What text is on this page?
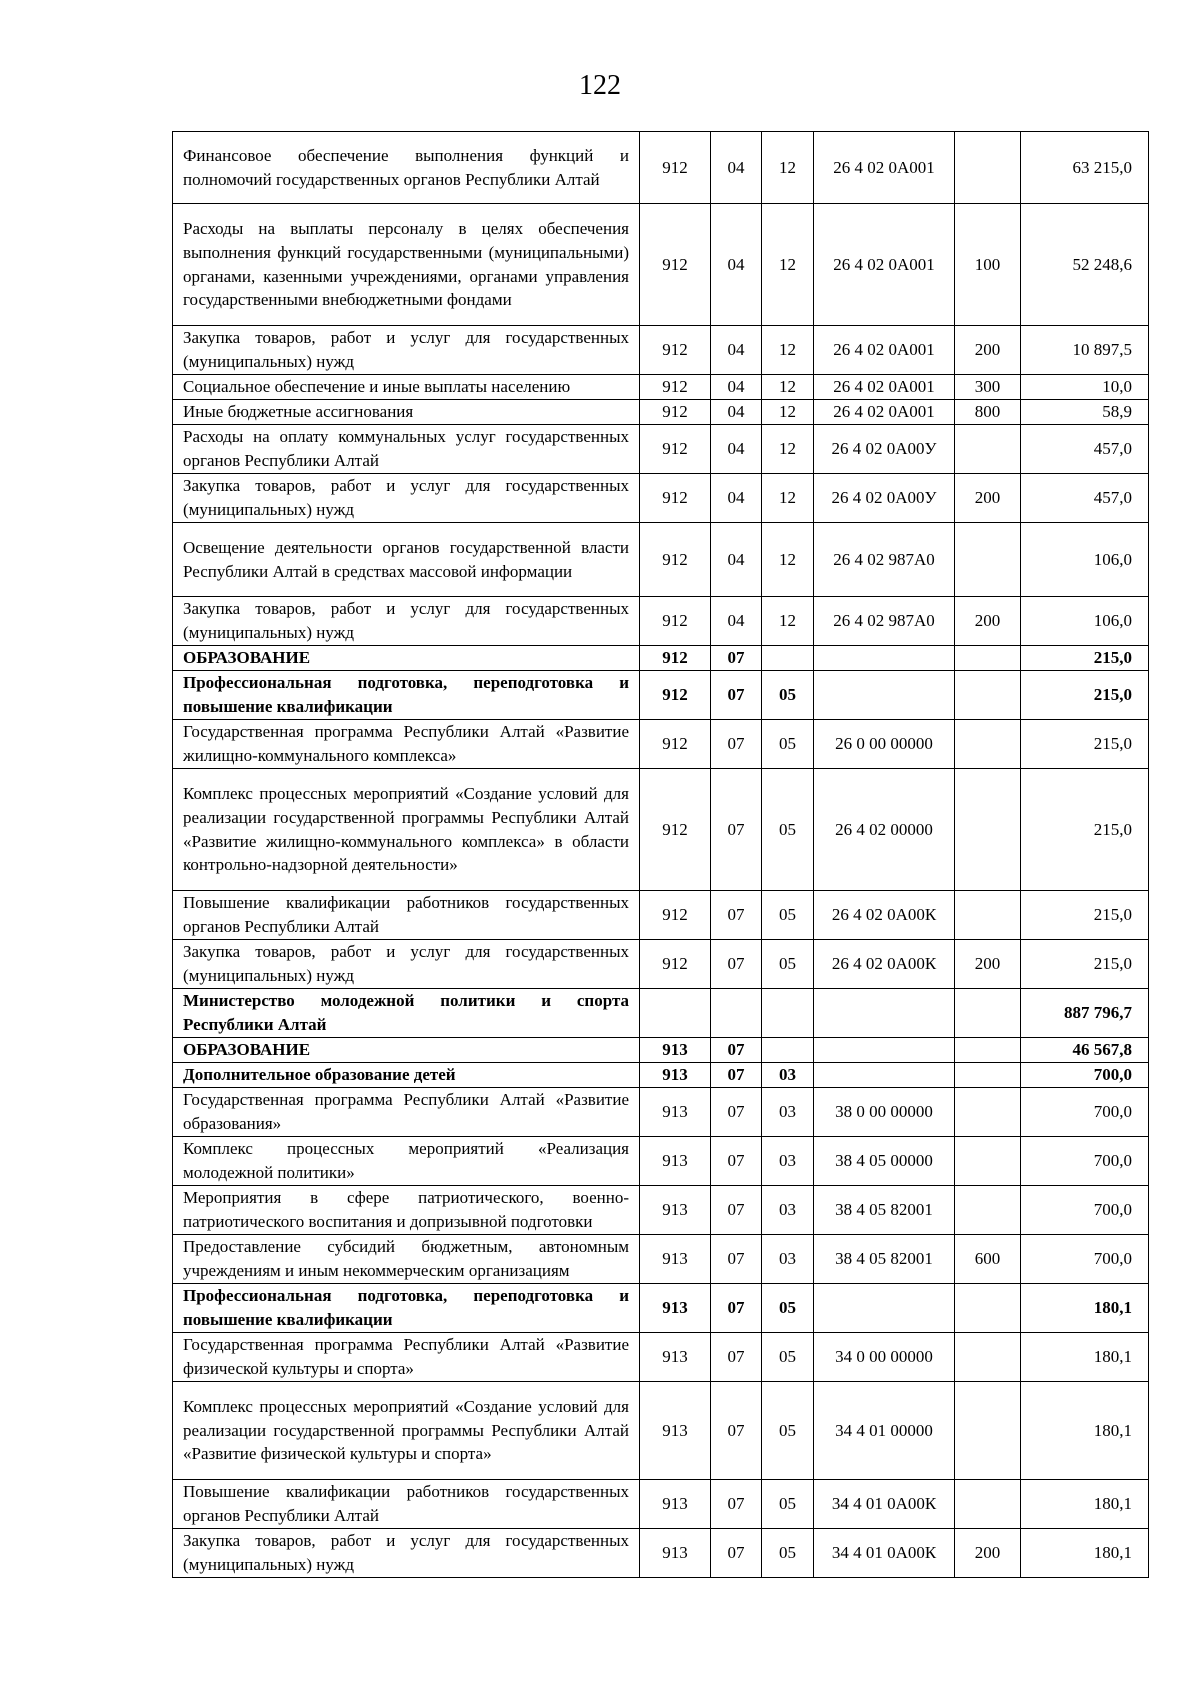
122
Финансовое обеспечение выполнения функций и полномочий государственных органов Республики Алтай	912	04	12	26 4 02 0А001		63 215,0
Расходы на выплаты персоналу в целях обеспечения выполнения функций государственными (муниципальными) органами, казенными учреждениями, органами управления государственными внебюджетными фондами	912	04	12	26 4 02 0А001	100	52 248,6
Закупка товаров, работ и услуг для государственных (муниципальных) нужд	912	04	12	26 4 02 0А001	200	10 897,5
Социальное обеспечение и иные выплаты населению	912	04	12	26 4 02 0А001	300	10,0
Иные бюджетные ассигнования	912	04	12	26 4 02 0А001	800	58,9
Расходы на оплату коммунальных услуг государственных органов Республики Алтай	912	04	12	26 4 02 0А00У		457,0
Закупка товаров, работ и услуг для государственных (муниципальных) нужд	912	04	12	26 4 02 0А00У	200	457,0
Освещение деятельности органов государственной власти Республики Алтай в средствах массовой информации	912	04	12	26 4 02 987А0		106,0
Закупка товаров, работ и услуг для государственных (муниципальных) нужд	912	04	12	26 4 02 987А0	200	106,0
ОБРАЗОВАНИЕ	912	07				215,0
Профессиональная подготовка, переподготовка и повышение квалификации	912	07	05			215,0
Государственная программа Республики Алтай «Развитие жилищно-коммунального комплекса»	912	07	05	26 0 00 00000		215,0
Комплекс процессных мероприятий «Создание условий для реализации государственной программы Республики Алтай «Развитие жилищно-коммунального комплекса» в области контрольно-надзорной деятельности»	912	07	05	26 4 02 00000		215,0
Повышение квалификации работников государственных органов Республики Алтай	912	07	05	26 4 02 0А00К		215,0
Закупка товаров, работ и услуг для государственных (муниципальных) нужд	912	07	05	26 4 02 0А00К	200	215,0
Министерство молодежной политики и спорта Республики Алтай						887 796,7
ОБРАЗОВАНИЕ	913	07				46 567,8
Дополнительное образование детей	913	07	03			700,0
Государственная программа Республики Алтай «Развитие образования»	913	07	03	38 0 00 00000		700,0
Комплекс процессных мероприятий «Реализация молодежной политики»	913	07	03	38 4 05 00000		700,0
Мероприятия в сфере патриотического, военно-патриотического воспитания и допризывной подготовки	913	07	03	38 4 05 82001		700,0
Предоставление субсидий бюджетным, автономным учреждениям и иным некоммерческим организациям	913	07	03	38 4 05 82001	600	700,0
Профессиональная подготовка, переподготовка и повышение квалификации	913	07	05			180,1
Государственная программа Республики Алтай «Развитие физической культуры и спорта»	913	07	05	34 0 00 00000		180,1
Комплекс процессных мероприятий «Создание условий для реализации государственной программы Республики Алтай «Развитие физической культуры и спорта»	913	07	05	34 4 01 00000		180,1
Повышение квалификации работников государственных органов Республики Алтай	913	07	05	34 4 01 0А00К		180,1
Закупка товаров, работ и услуг для государственных (муниципальных) нужд	913	07	05	34 4 01 0А00К	200	180,1
